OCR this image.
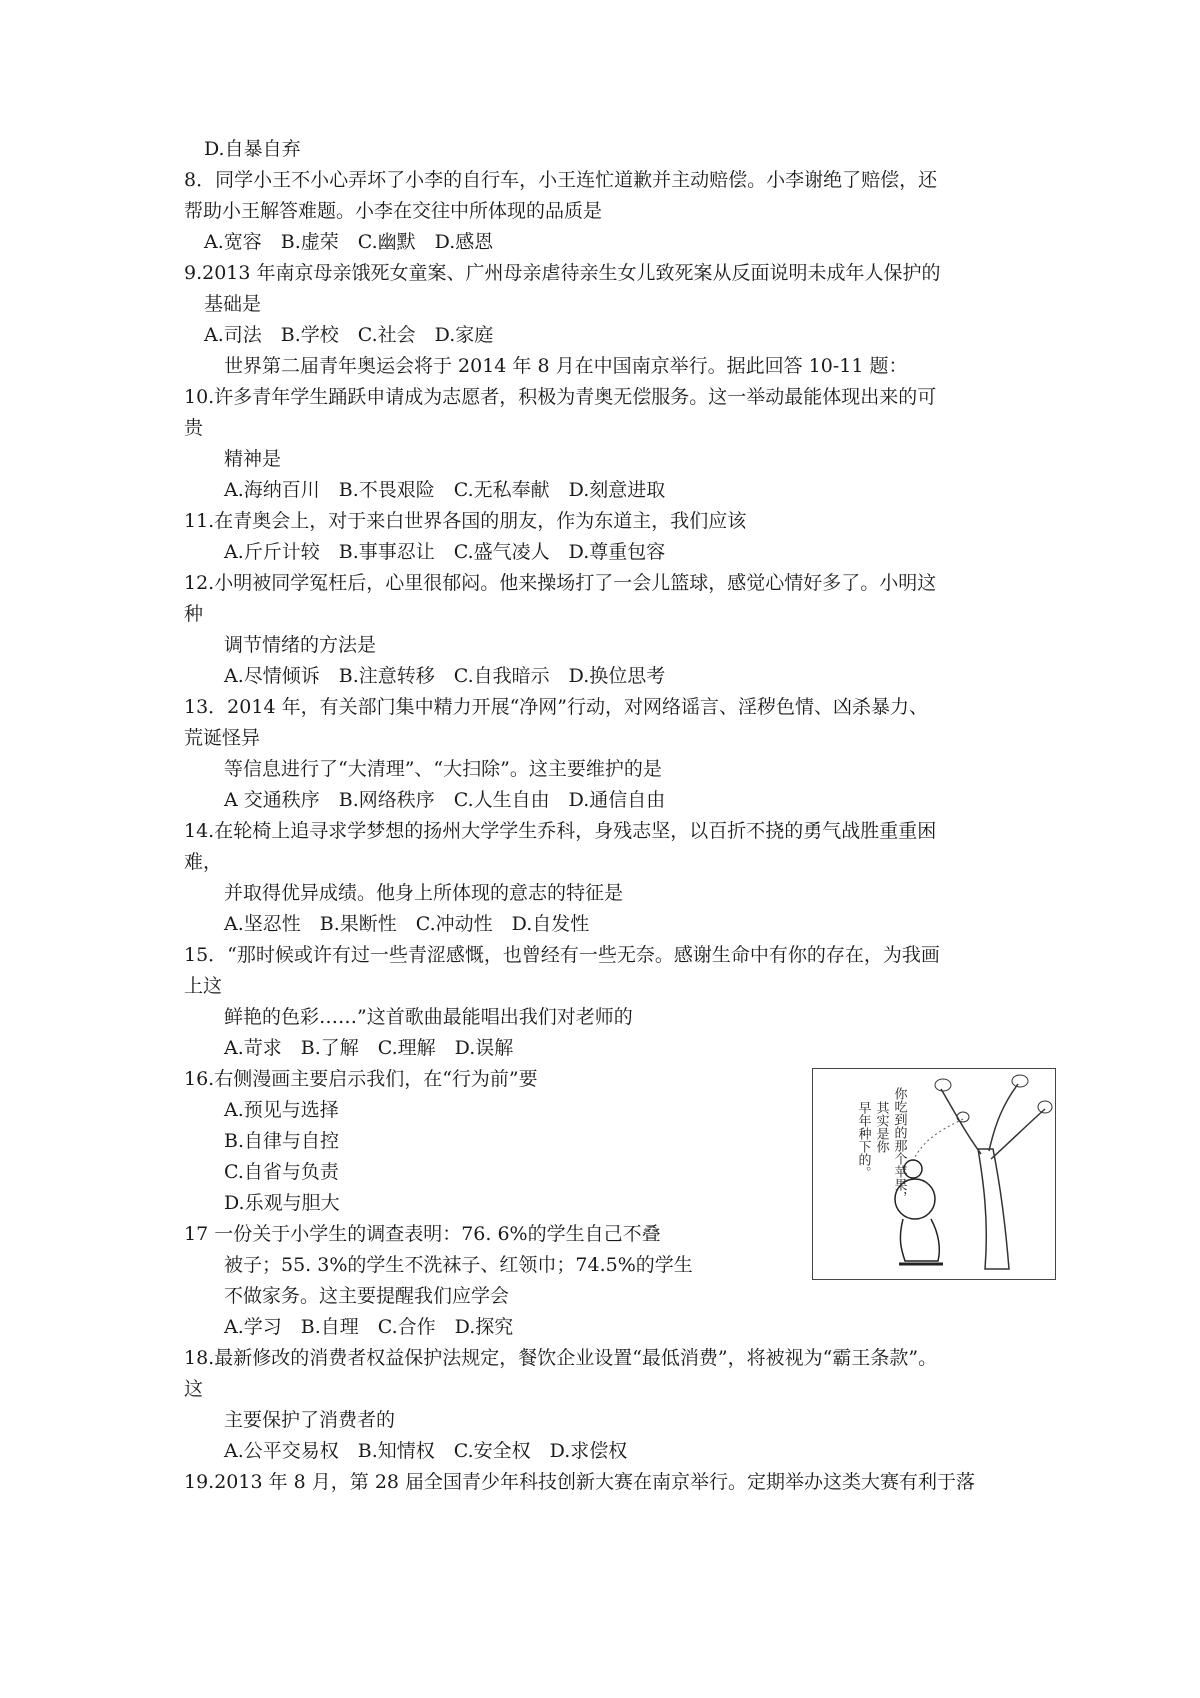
D.自暴自弃
8．同学小王不小心弄坏了小李的自行车，小王连忙道歉并主动赔偿。小李谢绝了赔偿，还
帮助小王解答难题。小李在交往中所体现的品质是
A.宽容　B.虚荣　C.幽默　D.感恩
9.2013 年南京母亲饿死女童案、广州母亲虐待亲生女儿致死案从反面说明未成年人保护的
基础是
A.司法　B.学校　C.社会　D.家庭
世界第二届青年奥运会将于 2014 年 8 月在中国南京举行。据此回答 10-11 题：
10.许多青年学生踊跃申请成为志愿者，积极为青奥无偿服务。这一举动最能体现出来的可
贵
精神是
A.海纳百川　B.不畏艰险　C.无私奉献　D.刻意进取
11.在青奥会上，对于来白世界各国的朋友，作为东道主，我们应该
A.斤斤计较　B.事事忍让　C.盛气凌人　D.尊重包容
12.小明被同学冤枉后，心里很郁闷。他来操场打了一会儿篮球，感觉心情好多了。小明这
种
调节情绪的方法是
A.尽情倾诉　B.注意转移　C.自我暗示　D.换位思考
13．2014 年，有关部门集中精力开展“净网”行动，对网络谣言、淫秽色情、凶杀暴力、
荒诞怪异
等信息进行了“大清理”、“大扫除”。这主要维护的是
A 交通秩序　B.网络秩序　C.人生自由　D.通信自由
14.在轮椅上追寻求学梦想的扬州大学学生乔科，身残志坚，以百折不挠的勇气战胜重重困
难，
并取得优异成绩。他身上所体现的意志的特征是
A.坚忍性　B.果断性　C.冲动性　D.自发性
15．“那时候或许有过一些青涩感慨，也曾经有一些无奈。感谢生命中有你的存在，为我画
上这
鲜艳的色彩……”这首歌曲最能唱出我们对老师的
A.苛求　B.了解　C.理解　D.误解
16.右侧漫画主要启示我们，在“行为前”要
A.预见与选择
B.自律与自控
C.自省与负责
D.乐观与胆大
17 一份关于小学生的调查表明：76. 6%的学生自己不叠
被子；55. 3%的学生不洗袜子、红领巾；74.5%的学生
不做家务。这主要提醒我们应学会
A.学习　B.自理　C.合作　D.探究
18.最新修改的消费者权益保护法规定，餐饮企业设置“最低消费”，将被视为“霸王条款”。
这
主要保护了消费者的
A.公平交易权　B.知情权　C.安全权　D.求偿权
19.2013 年 8 月，第 28 届全国青少年科技创新大赛在南京举行。定期举办这类大赛有利于落
你吃到的那个苹果，
其实是你
早年种下的。
